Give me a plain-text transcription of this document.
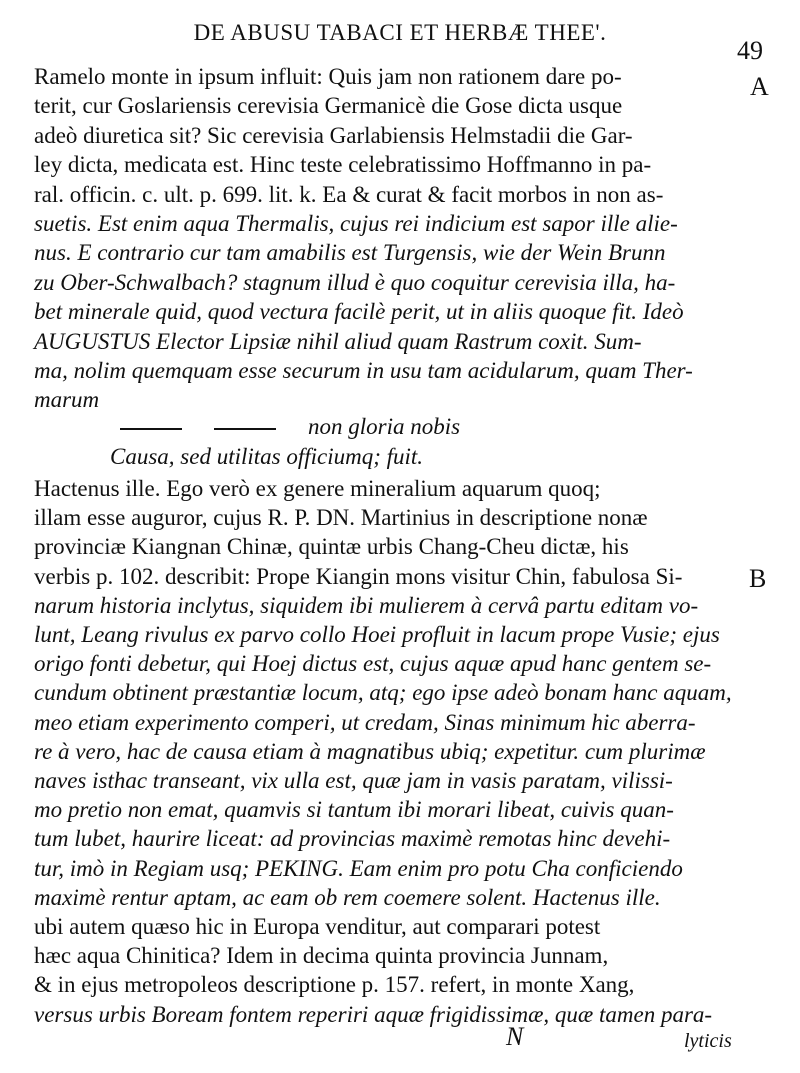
DE ABUSU TABACI ET HERBÆ THEE'.
49
A
B
Ramelo monte in ipsum influit: Quis jam non rationem dare po-
terit, cur Goslariensis cerevisia Germanicè die Gose dicta usque
adeò diuretica sit? Sic cerevisia Garlabiensis Helmstadii die Gar-
ley dicta, medicata est. Hinc teste celebratissimo Hoffmanno in pa-
ral. officin. c. ult. p. 699. lit. k. Ea & curat & facit morbos in non as-
suetis. Est enim aqua Thermalis, cujus rei indicium est sapor ille alie-
nus. E contrario cur tam amabilis est Turgensis, wie der Wein Brunn
zu Ober-Schwalbach? stagnum illud è quo coquitur cerevisia illa, ha-
bet minerale quid, quod vectura facilè perit, ut in aliis quoque fit. Ideò
AUGUSTUS Elector Lipsiæ nihil aliud quam Rastrum coxit. Sum-
ma, nolim quemquam esse securum in usu tam acidularum, quam Ther-
marum
non gloria nobis
Causa, sed utilitas officiumq; fuit.
Hactenus ille. Ego verò ex genere mineralium aquarum quoq;
illam esse auguror, cujus R. P. DN. Martinius in descriptione nonæ
provinciæ Kiangnan Chinæ, quintæ urbis Chang-Cheu dictæ, his
verbis p. 102. describit: Prope Kiangin mons visitur Chin, fabulosa Si-
narum historia inclytus, siquidem ibi mulierem à cervâ partu editam vo-
lunt, Leang rivulus ex parvo collo Hoei profluit in lacum prope Vusie; ejus
origo fonti debetur, qui Hoej dictus est, cujus aquæ apud hanc gentem se-
cundum obtinent præstantiæ locum, atq; ego ipse adeò bonam hanc aquam,
meo etiam experimento comperi, ut credam, Sinas minimum hic aberra-
re à vero, hac de causa etiam à magnatibus ubiq; expetitur. cum plurimæ
naves isthac transeant, vix ulla est, quæ jam in vasis paratam, vilissi-
mo pretio non emat, quamvis si tantum ibi morari libeat, cuivis quan-
tum lubet, haurire liceat: ad provincias maximè remotas hinc devehi-
tur, imò in Regiam usq; PEKING. Eam enim pro potu Cha conficiendo
maximè rentur aptam, ac eam ob rem coemere solent. Hactenus ille.
ubi autem quæso hic in Europa venditur, aut comparari potest
hæc aqua Chinitica? Idem in decima quinta provincia Junnam,
& in ejus metropoleos descriptione p. 157. refert, in monte Xang,
versus urbis Boream fontem reperiri aquæ frigidissimæ, quæ tamen para-
N	lyticis
